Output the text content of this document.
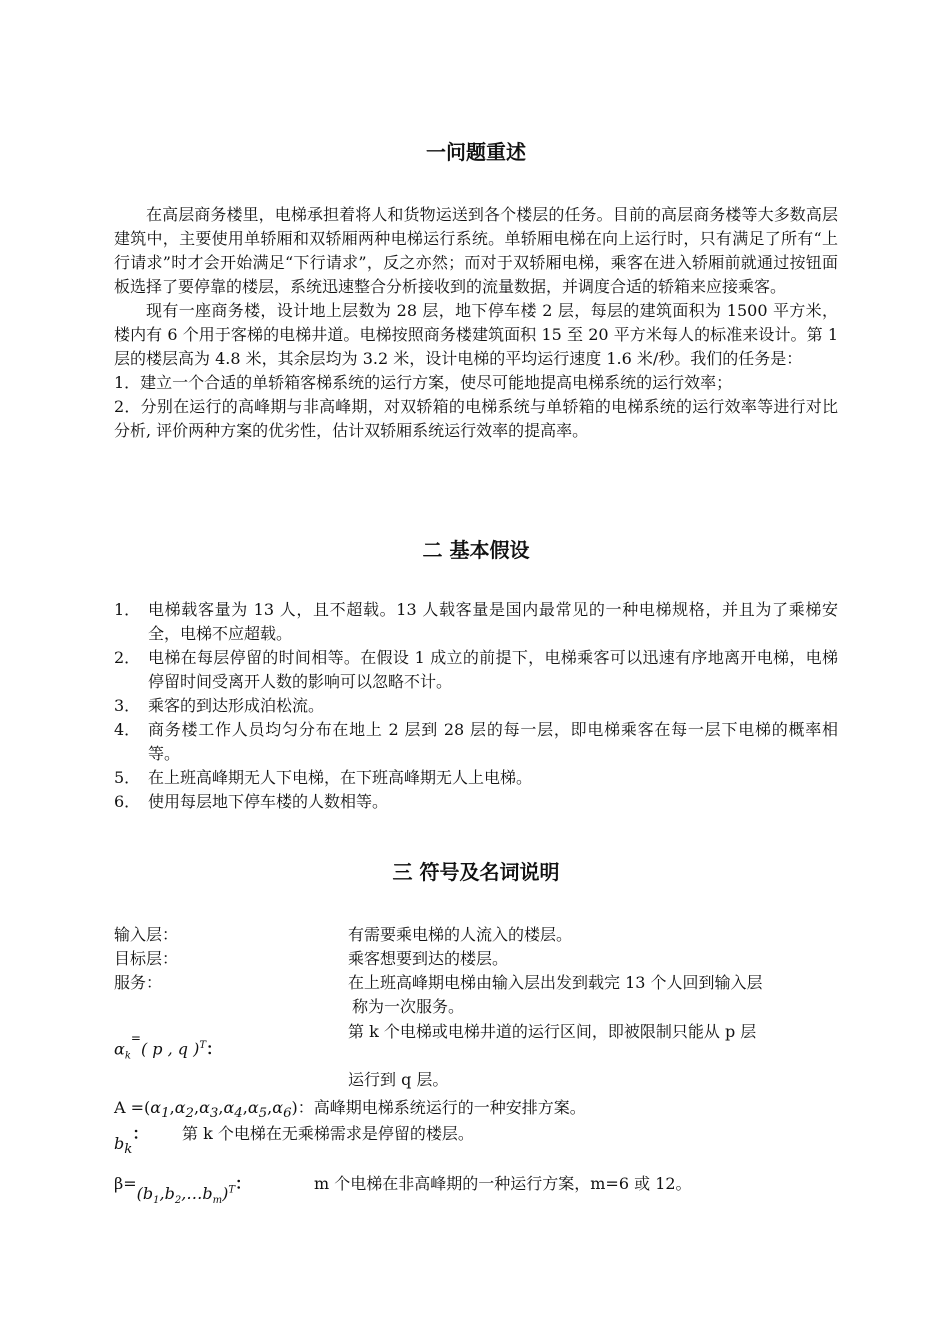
一问题重述

在高层商务楼里，电梯承担着将人和货物运送到各个楼层的任务。目前的高层商务楼等大多数高层建筑中，主要使用单轿厢和双轿厢两种电梯运行系统。单轿厢电梯在向上运行时，只有满足了所有“上行请求”时才会开始满足“下行请求”，反之亦然；而对于双轿厢电梯，乘客在进入轿厢前就通过按钮面板选择了要停靠的楼层，系统迅速整合分析接收到的流量数据，并调度合适的轿箱来应接乘客。

现有一座商务楼，设计地上层数为 28 层，地下停车楼 2 层，每层的建筑面积为 1500 平方米，楼内有 6 个用于客梯的电梯井道。电梯按照商务楼建筑面积 15 至 20 平方米每人的标准来设计。第 1 层的楼层高为 4.8 米，其余层均为 3.2 米，设计电梯的平均运行速度 1.6 米/秒。我们的任务是：

1．建立一个合适的单轿箱客梯系统的运行方案，使尽可能地提高电梯系统的运行效率；

2．分别在运行的高峰期与非高峰期，对双轿箱的电梯系统与单轿箱的电梯系统的运行效率等进行对比分析, 评价两种方案的优劣性，估计双轿厢系统运行效率的提高率。

二 基本假设
1． 电梯载客量为 13 人，且不超载。13 人载客量是国内最常见的一种电梯规格，并且为了乘梯安全，电梯不应超载。
2． 电梯在每层停留的时间相等。在假设 1 成立的前提下，电梯乘客可以迅速有序地离开电梯，电梯停留时间受离开人数的影响可以忽略不计。
3． 乘客的到达形成泊松流。
4． 商务楼工作人员均匀分布在地上 2 层到 28 层的每一层，即电梯乘客在每一层下电梯的概率相等。
5． 在上班高峰期无人下电梯，在下班高峰期无人上电梯。
6． 使用每层地下停车楼的人数相等。
三 符号及名词说明
输入层：	有需要乘电梯的人流入的楼层。
目标层：	乘客想要到达的楼层。
服务：	在上班高峰期电梯由输入层出发到载完 13 个人回到输入层
称为一次服务。
$\alpha_k^=$( p , q )$^T$：
第 k 个电梯或电梯井道的运行区间，即被限制只能从 p 层
运行到 q 层。
$A =(\alpha_1,\alpha_2,\alpha_3,\alpha_4,\alpha_5,\alpha_6)$：高峰期电梯系统运行的一种安排方案。
$b_k$： 第 k 个电梯在无乘梯需求是停留的楼层。
$\beta=(b_1,b_2,\dots b_m)^T$：	m 个电梯在非高峰期的一种运行方案，m=6 或 12。
